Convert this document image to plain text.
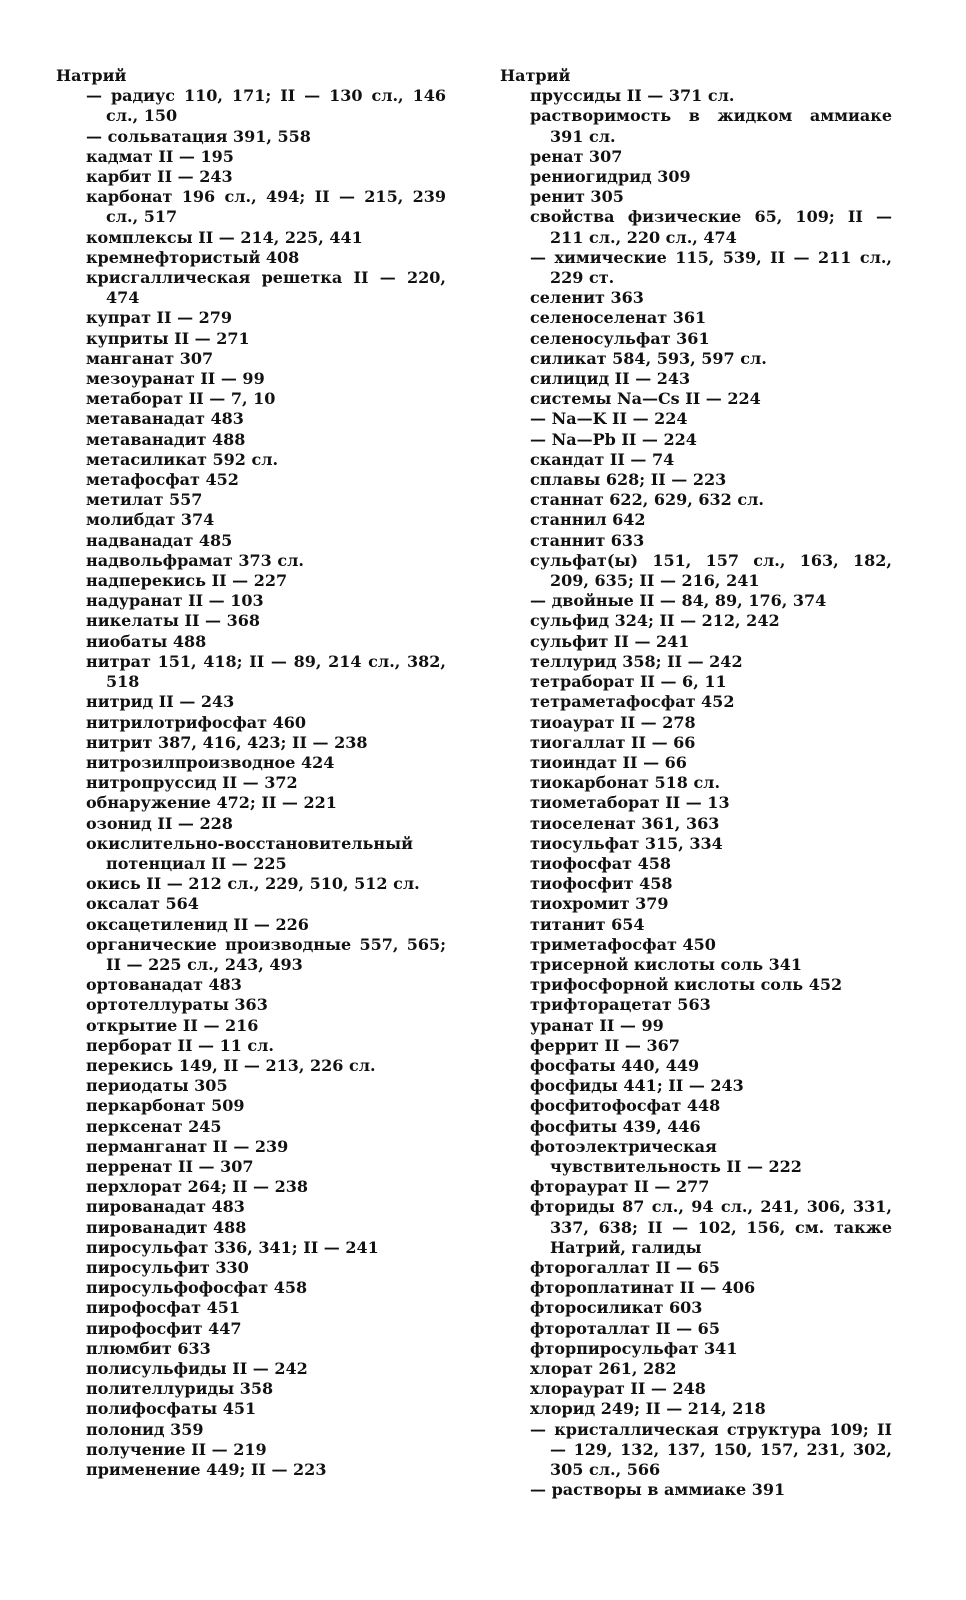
Натрий
— радиус 110, 171; II — 130 сл., 146 сл., 150
— сольватация 391, 558
кадмат II — 195
карбит II — 243
карбонат 196 сл., 494; II — 215, 239 сл., 517
комплексы II — 214, 225, 441
кремнефтористый 408
крисгаллическая решетка II — 220, 474
купрат II — 279
куприты II — 271
манганат 307
мезоуранат II — 99
метаборат II — 7, 10
метаванадат 483
метаванадит 488
метасиликат 592 сл.
метафосфат 452
метилат 557
молибдат 374
надванадат 485
надвольфрамат 373 сл.
надперекись II — 227
надуранат II — 103
никелаты II — 368
ниобаты 488
нитрат 151, 418; II — 89, 214 сл., 382, 518
нитрид II — 243
нитрилотрифосфат 460
нитрит 387, 416, 423; II — 238
нитрозилпроизводное 424
нитропруссид II — 372
обнаружение 472; II — 221
озонид II — 228
окислительно-восстановительный потенциал II — 225
окись II — 212 сл., 229, 510, 512 сл.
оксалат 564
оксацетиленид II — 226
органические производные 557, 565; II — 225 сл., 243, 493
ортованадат 483
ортотеллураты 363
открытие II — 216
перборат II — 11 сл.
перекись 149, II — 213, 226 сл.
периодаты 305
перкарбонат 509
перксенат 245
перманганат II — 239
перренат II — 307
перхлорат 264; II — 238
пированадат 483
пированадит 488
пиросульфат 336, 341; II — 241
пиросульфит 330
пиросульфофосфат 458
пирофосфат 451
пирофосфит 447
плюмбит 633
полисульфиды II — 242
полителлуриды 358
полифосфаты 451
полонид 359
получение II — 219
применение 449; II — 223
Натрий
пруссиды II — 371 сл.
растворимость в жидком аммиаке 391 сл.
ренат 307
рениогидрид 309
ренит 305
свойства физические 65, 109; II — 211 сл., 220 сл., 474
— химические 115, 539, II — 211 сл., 229 ст.
селенит 363
селеноселенат 361
селеносульфат 361
силикат 584, 593, 597 сл.
силицид II — 243
системы Na—Cs II — 224
— Na—K II — 224
— Na—Pb II — 224
скандат II — 74
сплавы 628; II — 223
станнат 622, 629, 632 сл.
станнил 642
станнит 633
сульфат(ы) 151, 157 сл., 163, 182, 209, 635; II — 216, 241
— двойные II — 84, 89, 176, 374
сульфид 324; II — 212, 242
сульфит II — 241
теллурид 358; II — 242
тетраборат II — 6, 11
тетраметафосфат 452
тиоаурат II — 278
тиогаллат II — 66
тиоиндат II — 66
тиокарбонат 518 сл.
тиометаборат II — 13
тиоселенат 361, 363
тиосульфат 315, 334
тиофосфат 458
тиофосфит 458
тиохромит 379
титанит 654
триметафосфат 450
трисерной кислоты соль 341
трифосфорной кислоты соль 452
трифторацетат 563
уранат II — 99
феррит II — 367
фосфаты 440, 449
фосфиды 441; II — 243
фосфитофосфат 448
фосфиты 439, 446
фотоэлектрическая чувствительность II — 222
фтораурат II — 277
фториды 87 сл., 94 сл., 241, 306, 331, 337, 638; II — 102, 156, см. также Натрий, галиды
фторогаллат II — 65
фтороплатинат II — 406
фторосиликат 603
фтороталлат II — 65
фторпиросульфат 341
хлорат 261, 282
хлораурат II — 248
хлорид 249; II — 214, 218
— кристаллическая структура 109; II — 129, 132, 137, 150, 157, 231, 302, 305 сл., 566
— растворы в аммиаке 391
